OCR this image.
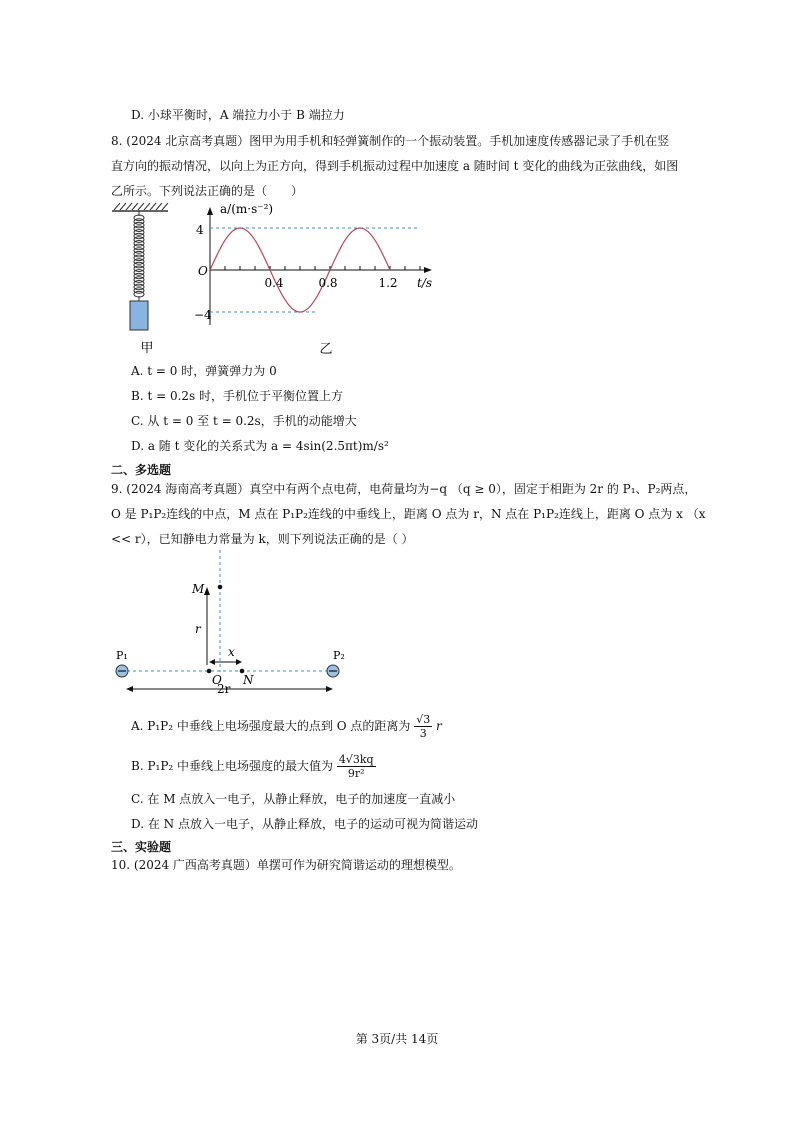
D. 小球平衡时，A 端拉力小于 B 端拉力
8. (2024 北京高考真题）图甲为用手机和轻弹簧制作的一个振动装置。手机加速度传感器记录了手机在竖
直方向的振动情况，以向上为正方向，得到手机振动过程中加速度 a 随时间 t 变化的曲线为正弦曲线，如图
乙所示。下列说法正确的是（　　）
甲
a/(m·s⁻²)
t/s
O
4
−4
0.4	0.8	1.2
乙
A. t = 0 时，弹簧弹力为 0
B. t = 0.2s 时，手机位于平衡位置上方
C. 从 t = 0 至 t = 0.2s，手机的动能增大
D. a 随 t 变化的关系式为 a = 4sin(2.5πt)m/s²
二、多选题
9. (2024 海南高考真题）真空中有两个点电荷，电荷量均为−q （q ≥ 0），固定于相距为 2r 的 P₁、P₂两点，
O 是 P₁P₂连线的中点，M 点在 P₁P₂连线的中垂线上，距离 O 点为 r，N 点在 P₁P₂连线上，距离 O 点为 x （x
<< r），已知静电力常量为 k，则下列说法正确的是（ ）
M
r
x
O N
2r
P₁	P₂
A. P₁P₂ 中垂线上电场强度最大的点到 O 点的距离为 $\frac{√3}{3}$ r
B. P₁P₂ 中垂线上电场强度的最大值为 $\frac{4√3kq}{\text{9r²}}$
C. 在 M 点放入一电子，从静止释放，电子的加速度一直减小
D. 在 N 点放入一电子，从静止释放，电子的运动可视为简谐运动
三、实验题
10. (2024 广西高考真题）单摆可作为研究简谐运动的理想模型。
第 3页/共 14页
